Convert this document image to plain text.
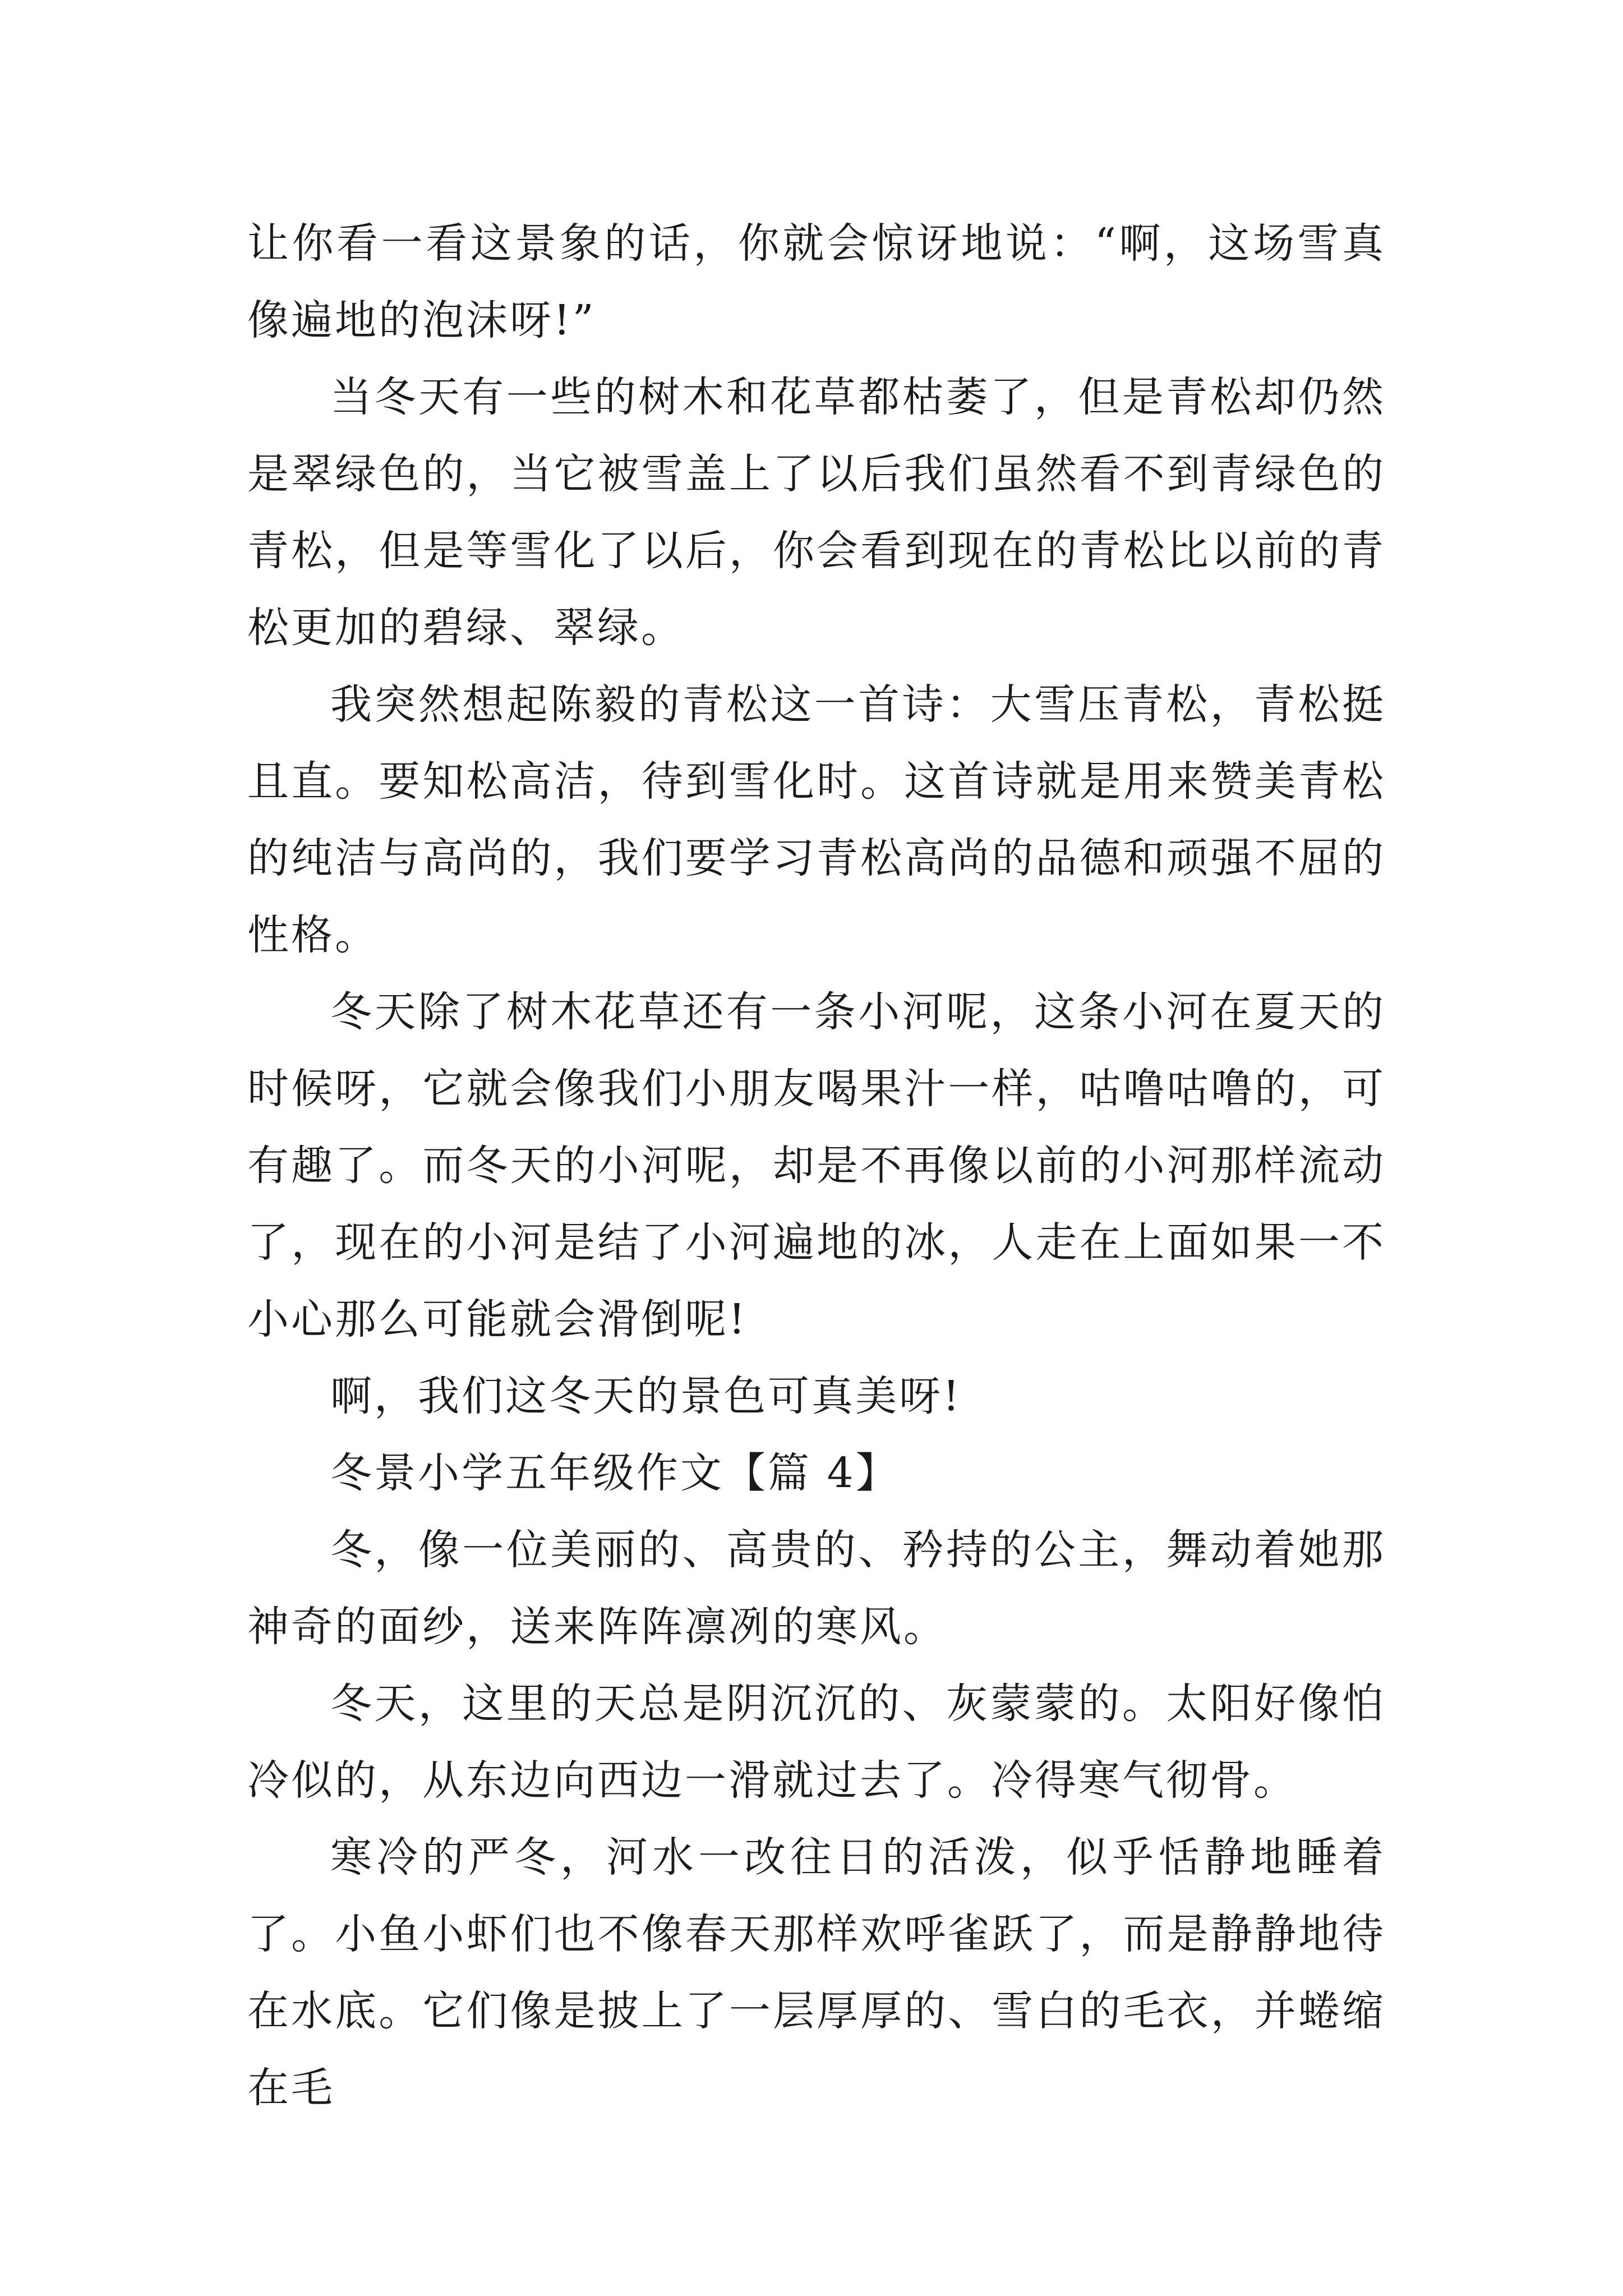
让你看一看这景象的话，你就会惊讶地说：“啊，这场雪真像遍地的泡沫呀!”

当冬天有一些的树木和花草都枯萎了，但是青松却仍然是翠绿色的，当它被雪盖上了以后我们虽然看不到青绿色的青松，但是等雪化了以后，你会看到现在的青松比以前的青松更加的碧绿、翠绿。

我突然想起陈毅的青松这一首诗：大雪压青松，青松挺且直。要知松高洁，待到雪化时。这首诗就是用来赞美青松的纯洁与高尚的，我们要学习青松高尚的品德和顽强不屈的性格。

冬天除了树木花草还有一条小河呢，这条小河在夏天的时候呀，它就会像我们小朋友喝果汁一样，咕噜咕噜的，可有趣了。而冬天的小河呢，却是不再像以前的小河那样流动了，现在的小河是结了小河遍地的冰，人走在上面如果一不小心那么可能就会滑倒呢!

啊，我们这冬天的景色可真美呀!

冬景小学五年级作文【篇 4】

冬，像一位美丽的、高贵的、矜持的公主，舞动着她那神奇的面纱，送来阵阵凛冽的寒风。

冬天，这里的天总是阴沉沉的、灰蒙蒙的。太阳好像怕冷似的，从东边向西边一滑就过去了。冷得寒气彻骨。

寒冷的严冬，河水一改往日的活泼，似乎恬静地睡着了。小鱼小虾们也不像春天那样欢呼雀跃了，而是静静地待在水底。它们像是披上了一层厚厚的、雪白的毛衣，并蜷缩在毛
